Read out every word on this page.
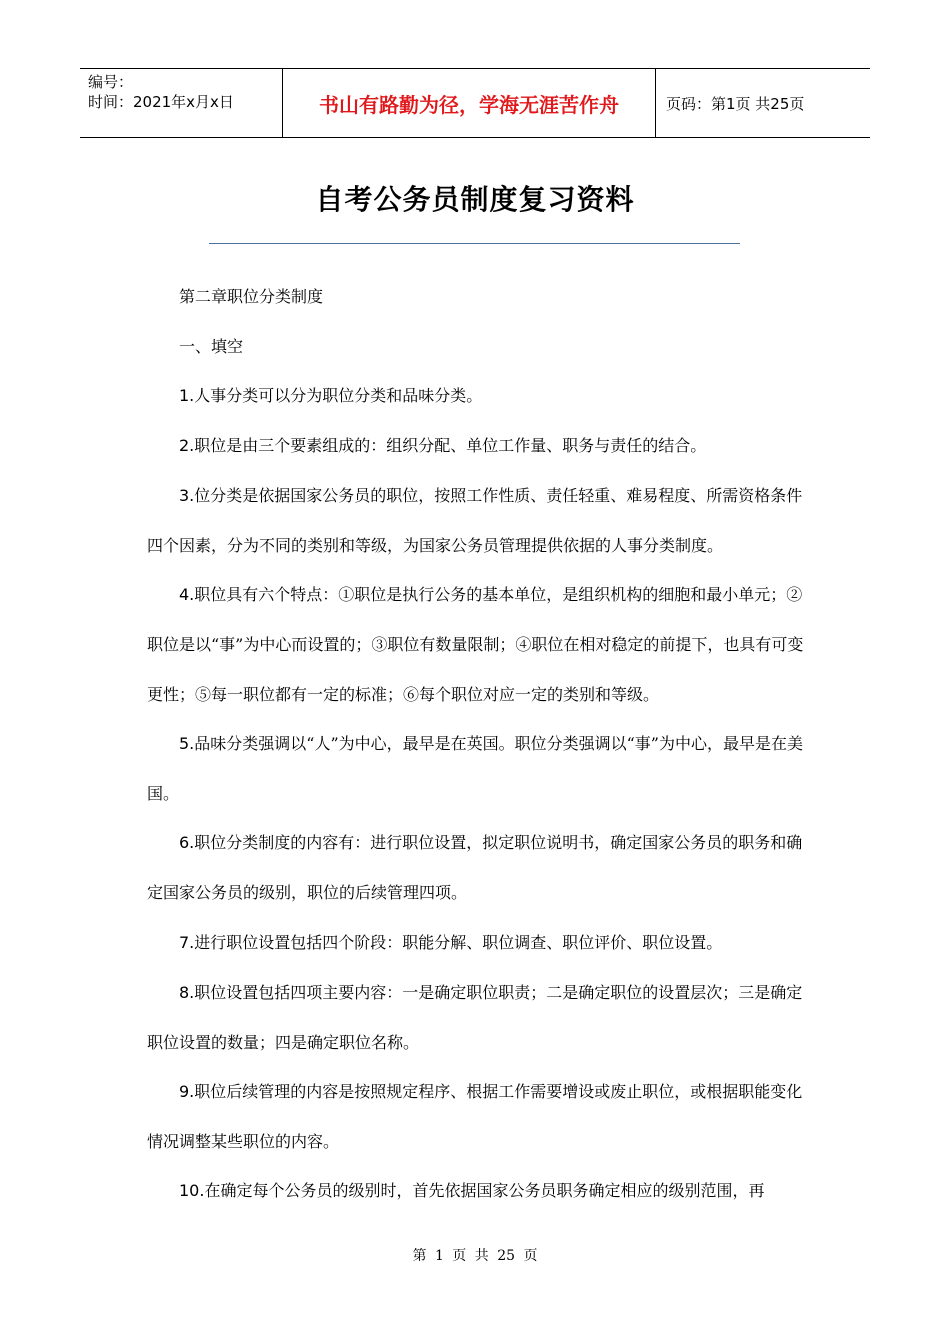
编号：
时间：2021年x月x日	书山有路勤为径，学海无涯苦作舟	页码：第1页 共25页
自考公务员制度复习资料

第二章职位分类制度

一、填空

1.人事分类可以分为职位分类和品味分类。

2.职位是由三个要素组成的：组织分配、单位工作量、职务与责任的结合。

3.位分类是依据国家公务员的职位，按照工作性质、责任轻重、难易程度、所需资格条件四个因素，分为不同的类别和等级，为国家公务员管理提供依据的人事分类制度。

4.职位具有六个特点：①职位是执行公务的基本单位，是组织机构的细胞和最小单元；②职位是以“事”为中心而设置的；③职位有数量限制；④职位在相对稳定的前提下，也具有可变更性；⑤每一职位都有一定的标准；⑥每个职位对应一定的类别和等级。

5.品味分类强调以“人”为中心，最早是在英国。职位分类强调以“事”为中心，最早是在美国。

6.职位分类制度的内容有：进行职位设置，拟定职位说明书，确定国家公务员的职务和确定国家公务员的级别，职位的后续管理四项。

7.进行职位设置包括四个阶段：职能分解、职位调查、职位评价、职位设置。

8.职位设置包括四项主要内容：一是确定职位职责；二是确定职位的设置层次；三是确定职位设置的数量；四是确定职位名称。

9.职位后续管理的内容是按照规定程序、根据工作需要增设或废止职位，或根据职能变化情况调整某些职位的内容。

10.在确定每个公务员的级别时，首先依据国家公务员职务确定相应的级别范围，再

第 1 页 共 25 页
